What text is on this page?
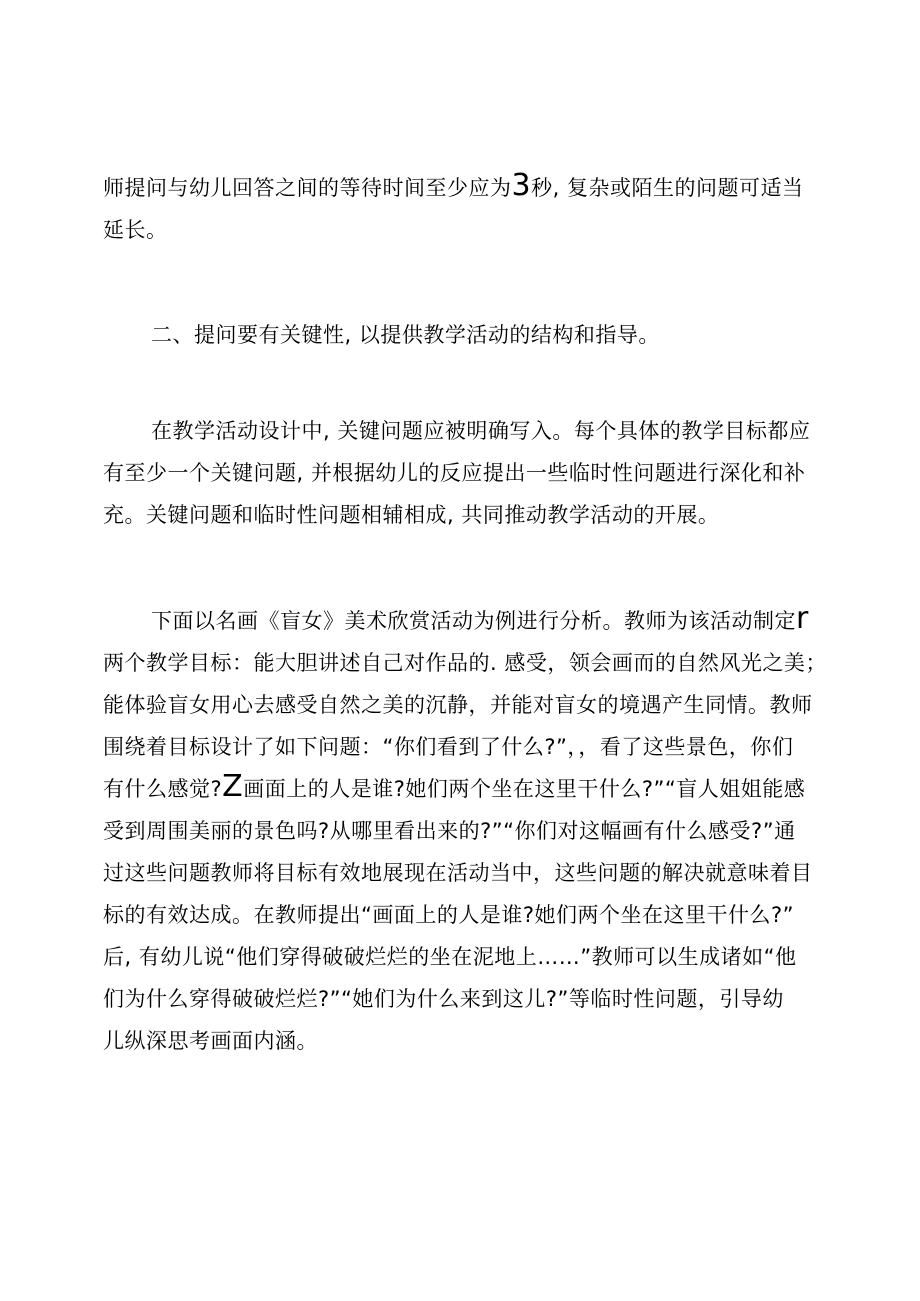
师提问与幼儿回答之间的等待时间至少应为3秒, 复杂或陌生的问题可适当
延长。
二、提问要有关键性, 以提供教学活动的结构和指导。
在教学活动设计中, 关键问题应被明确写入。每个具体的教学目标都应
有至少一个关键问题, 并根据幼儿的反应提出一些临时性问题进行深化和补
充。关键问题和临时性问题相辅相成, 共同推动教学活动的开展。
下面以名画《盲女》美术欣赏活动为例进行分析。教师为该活动制定r
两个教学目标：能大胆讲述自己对作品的. 感受，领会画而的自然风光之美；
能体验盲女用心去感受自然之美的沉静，并能对盲女的境遇产生同情。教师
围绕着目标设计了如下问题：“你们看到了什么?”，，看了这些景色，你们
有什么感觉?Z画面上的人是谁?她们两个坐在这里干什么?”“盲人姐姐能感
受到周围美丽的景色吗?从哪里看出来的?”“你们对这幅画有什么感受?”通
过这些问题教师将目标有效地展现在活动当中，这些问题的解决就意味着目
标的有效达成。在教师提出“画面上的人是谁?她们两个坐在这里干什么?”
后, 有幼儿说“他们穿得破破烂烂的坐在泥地上……”教师可以生成诸如“他
们为什么穿得破破烂烂?”“她们为什么来到这儿?”等临时性问题，引导幼
儿纵深思考画面内涵。
